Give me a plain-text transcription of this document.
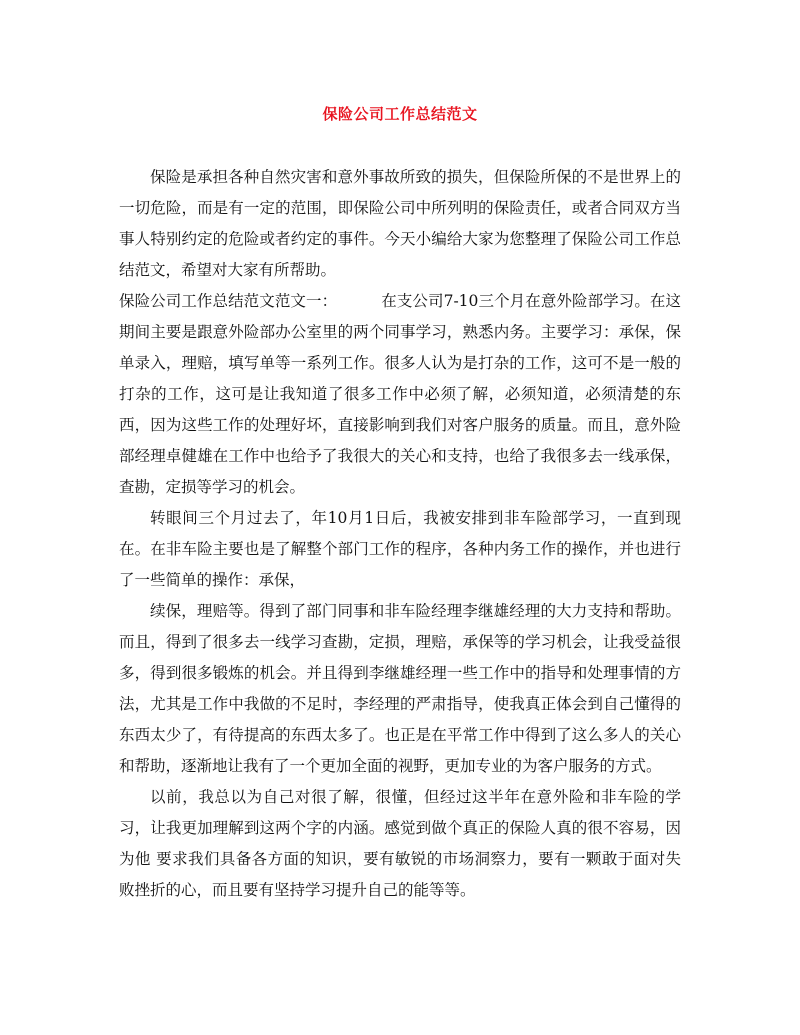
保险公司工作总结范文

保险是承担各种自然灾害和意外事故所致的损失，但保险所保的不是世界上的一切危险，而是有一定的范围，即保险公司中所列明的保险责任，或者合同双方当事人特别约定的危险或者约定的事件。今天小编给大家为您整理了保险公司工作总结范文，希望对大家有所帮助。

保险公司工作总结范文范文一：	在支公司7-10三个月在意外险部学习。在这期间主要是跟意外险部办公室里的两个同事学习，熟悉内务。主要学习：承保，保单录入，理赔，填写单等一系列工作。很多人认为是打杂的工作，这可不是一般的打杂的工作，这可是让我知道了很多工作中必须了解，必须知道，必须清楚的东西，因为这些工作的处理好坏，直接影响到我们对客户服务的质量。而且，意外险部经理卓健雄在工作中也给予了我很大的关心和支持，也给了我很多去一线承保，查勘，定损等学习的机会。

转眼间三个月过去了，年10月1日后，我被安排到非车险部学习，一直到现在。在非车险主要也是了解整个部门工作的程序，各种内务工作的操作，并也进行了一些简单的操作：承保，

续保，理赔等。得到了部门同事和非车险经理李继雄经理的大力支持和帮助。而且，得到了很多去一线学习查勘，定损，理赔，承保等的学习机会，让我受益很多，得到很多锻炼的机会。并且得到李继雄经理一些工作中的指导和处理事情的方法，尤其是工作中我做的不足时，李经理的严肃指导，使我真正体会到自己懂得的东西太少了，有待提高的东西太多了。也正是在平常工作中得到了这么多人的关心和帮助，逐渐地让我有了一个更加全面的视野，更加专业的为客户服务的方式。

以前，我总以为自己对很了解，很懂，但经过这半年在意外险和非车险的学习，让我更加理解到这两个字的内涵。感觉到做个真正的保险人真的很不容易，因为他 要求我们具备各方面的知识，要有敏锐的市场洞察力，要有一颗敢于面对失败挫折的心，而且要有坚持学习提升自己的能等等。
